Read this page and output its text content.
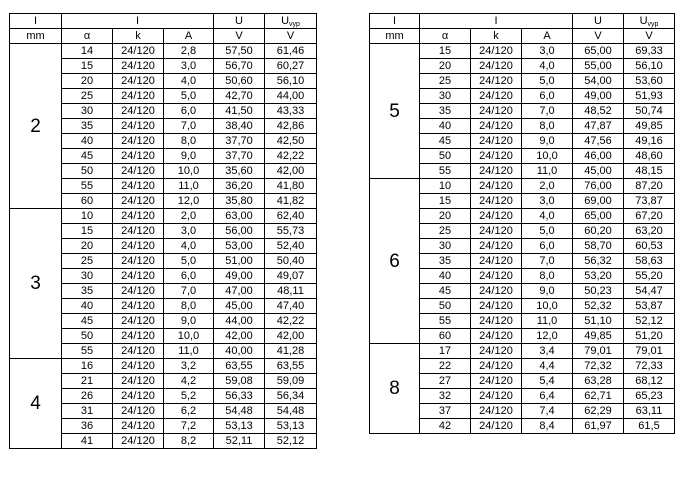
I	I			U	$U_{vyp}$
mm	α	k	A	V	V
2	14	24/120	2,8	57,50	61,46
	15	24/120	3,0	56,70	60,27
	20	24/120	4,0	50,60	56,10
	25	24/120	5,0	42,70	44,00
	30	24/120	6,0	41,50	43,33
	35	24/120	7,0	38,40	42,86
	40	24/120	8,0	37,70	42,50
	45	24/120	9,0	37,70	42,22
	50	24/120	10,0	35,60	42,00
	55	24/120	11,0	36,20	41,80
	60	24/120	12,0	35,80	41,82
3	10	24/120	2,0	63,00	62,40
	15	24/120	3,0	56,00	55,73
	20	24/120	4,0	53,00	52,40
	25	24/120	5,0	51,00	50,40
	30	24/120	6,0	49,00	49,07
	35	24/120	7,0	47,00	48,11
	40	24/120	8,0	45,00	47,40
	45	24/120	9,0	44,00	42,22
	50	24/120	10,0	42,00	42,00
	55	24/120	11,0	40,00	41,28
4	16	24/120	3,2	63,55	63,55
	21	24/120	4,2	59,08	59,09
	26	24/120	5,2	56,33	56,34
	31	24/120	6,2	54,48	54,48
	36	24/120	7,2	53,13	53,13
	41	24/120	8,2	52,11	52,12
I	I			U	$U_{vyp}$
mm	α	k	A	V	V
5	15	24/120	3,0	65,00	69,33
	20	24/120	4,0	55,00	56,10
	25	24/120	5,0	54,00	53,60
	30	24/120	6,0	49,00	51,93
	35	24/120	7,0	48,52	50,74
	40	24/120	8,0	47,87	49,85
	45	24/120	9,0	47,56	49,16
	50	24/120	10,0	46,00	48,60
	55	24/120	11,0	45,00	48,15
6	10	24/120	2,0	76,00	87,20
	15	24/120	3,0	69,00	73,87
	20	24/120	4,0	65,00	67,20
	25	24/120	5,0	60,20	63,20
	30	24/120	6,0	58,70	60,53
	35	24/120	7,0	56,32	58,63
	40	24/120	8,0	53,20	55,20
	45	24/120	9,0	50,23	54,47
	50	24/120	10,0	52,32	53,87
	55	24/120	11,0	51,10	52,12
	60	24/120	12,0	49,85	51,20
8	17	24/120	3,4	79,01	79,01
	22	24/120	4,4	72,32	72,33
	27	24/120	5,4	63,28	68,12
	32	24/120	6,4	62,71	65,23
	37	24/120	7,4	62,29	63,11
	42	24/120	8,4	61,97	61,5
